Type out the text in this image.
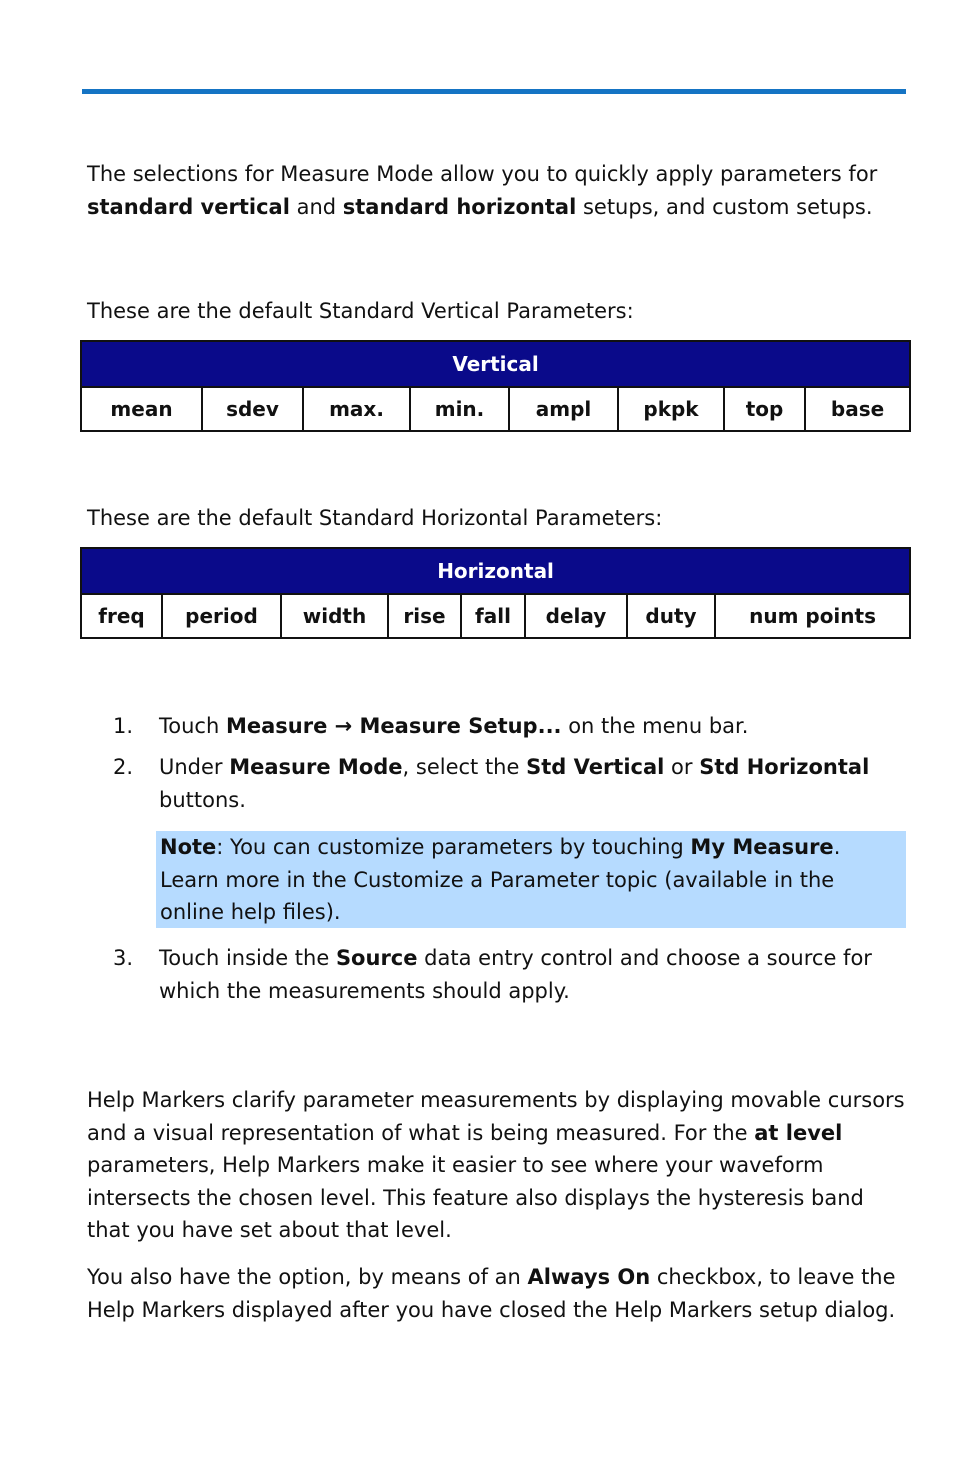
The selections for Measure Mode allow you to quickly apply parameters for standard vertical and standard horizontal setups, and custom setups.

These are the default Standard Vertical Parameters:

Vertical
mean	sdev	max.	min.	ampl	pkpk	top	base

These are the default Standard Horizontal Parameters:

Horizontal
freq	period	width	rise	fall	delay	duty	num points
1.	Touch Measure → Measure Setup... on the menu bar.
2.	Under Measure Mode, select the Std Vertical or Std Horizontal buttons.
Note: You can customize parameters by touching My Measure. Learn more in the Customize a Parameter topic (available in the online help files).
3.	Touch inside the Source data entry control and choose a source for which the measurements should apply.

Help Markers clarify parameter measurements by displaying movable cursors and a visual representation of what is being measured. For the at level parameters, Help Markers make it easier to see where your waveform intersects the chosen level. This feature also displays the hysteresis band that you have set about that level.

You also have the option, by means of an Always On checkbox, to leave the Help Markers displayed after you have closed the Help Markers setup dialog.
